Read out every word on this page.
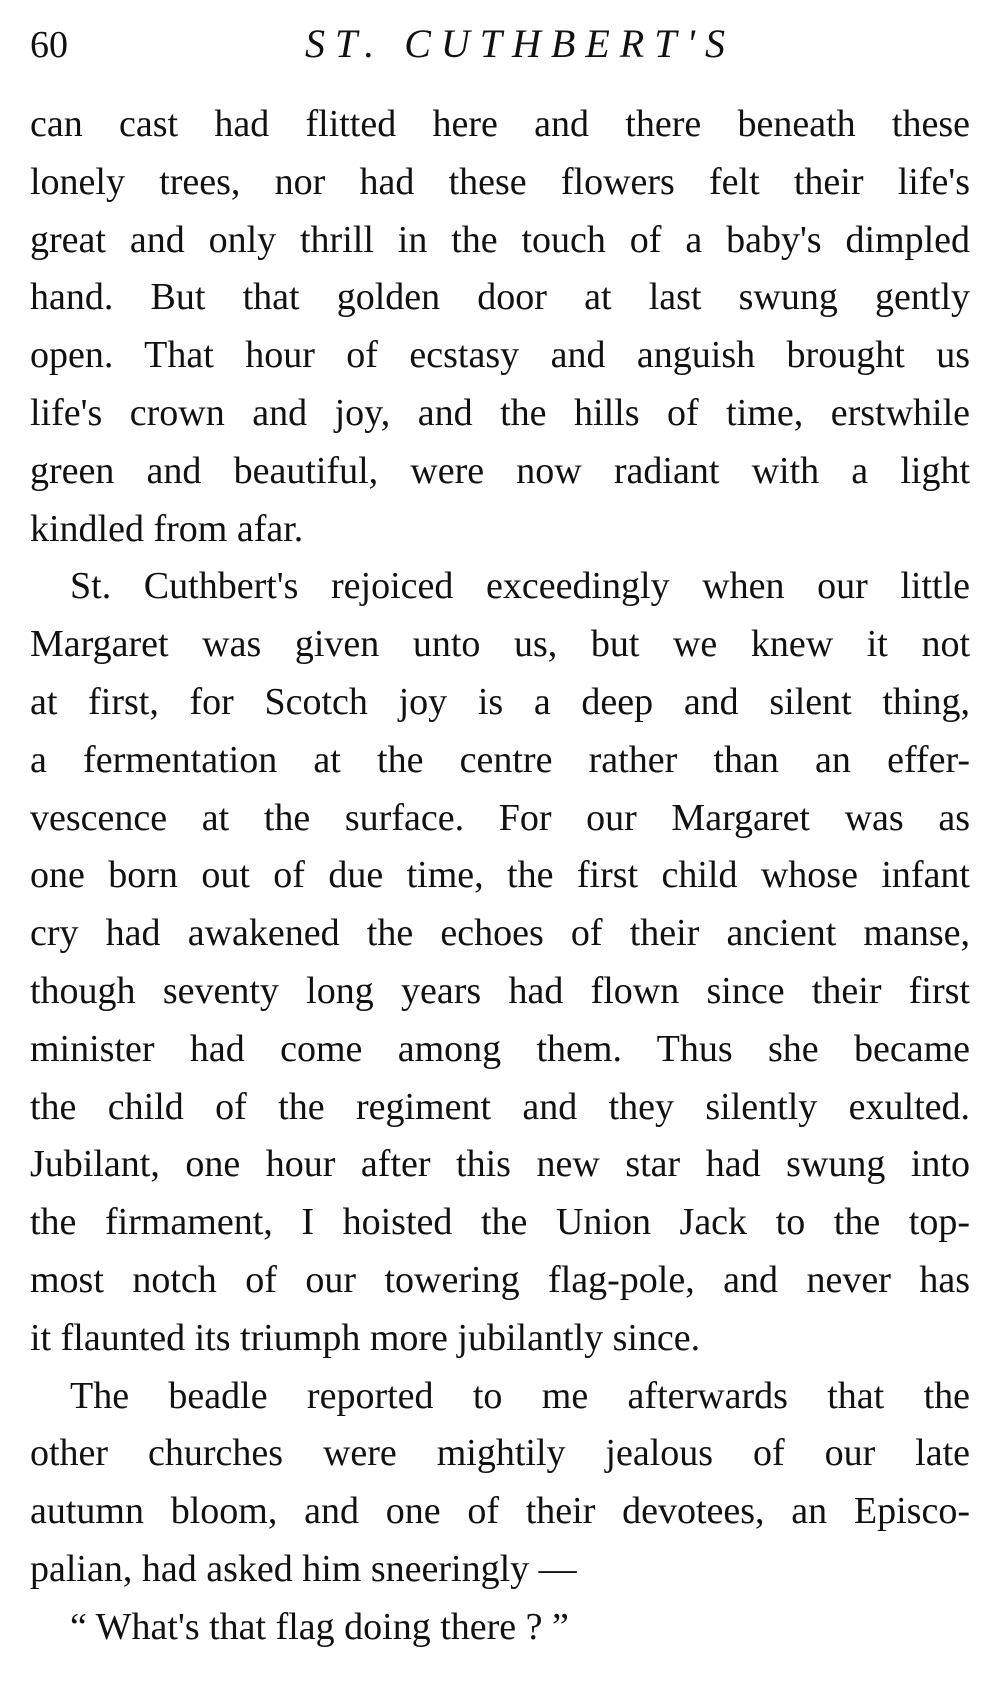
60	ST. CUTHBERT'S

can cast had flitted here and there beneath these
lonely trees, nor had these flowers felt their life's
great and only thrill in the touch of a baby's dimpled
hand. But that golden door at last swung gently
open. That hour of ecstasy and anguish brought us
life's crown and joy, and the hills of time, erstwhile
green and beautiful, were now radiant with a light
kindled from afar.

St. Cuthbert's rejoiced exceedingly when our little
Margaret was given unto us, but we knew it not
at first, for Scotch joy is a deep and silent thing,
a fermentation at the centre rather than an effer-
vescence at the surface. For our Margaret was as
one born out of due time, the first child whose infant
cry had awakened the echoes of their ancient manse,
though seventy long years had flown since their first
minister had come among them. Thus she became
the child of the regiment and they silently exulted.
Jubilant, one hour after this new star had swung into
the firmament, I hoisted the Union Jack to the top-
most notch of our towering flag-pole, and never has
it flaunted its triumph more jubilantly since.

The beadle reported to me afterwards that the
other churches were mightily jealous of our late
autumn bloom, and one of their devotees, an Episco-
palian, had asked him sneeringly —

“ What's that flag doing there ? ”
